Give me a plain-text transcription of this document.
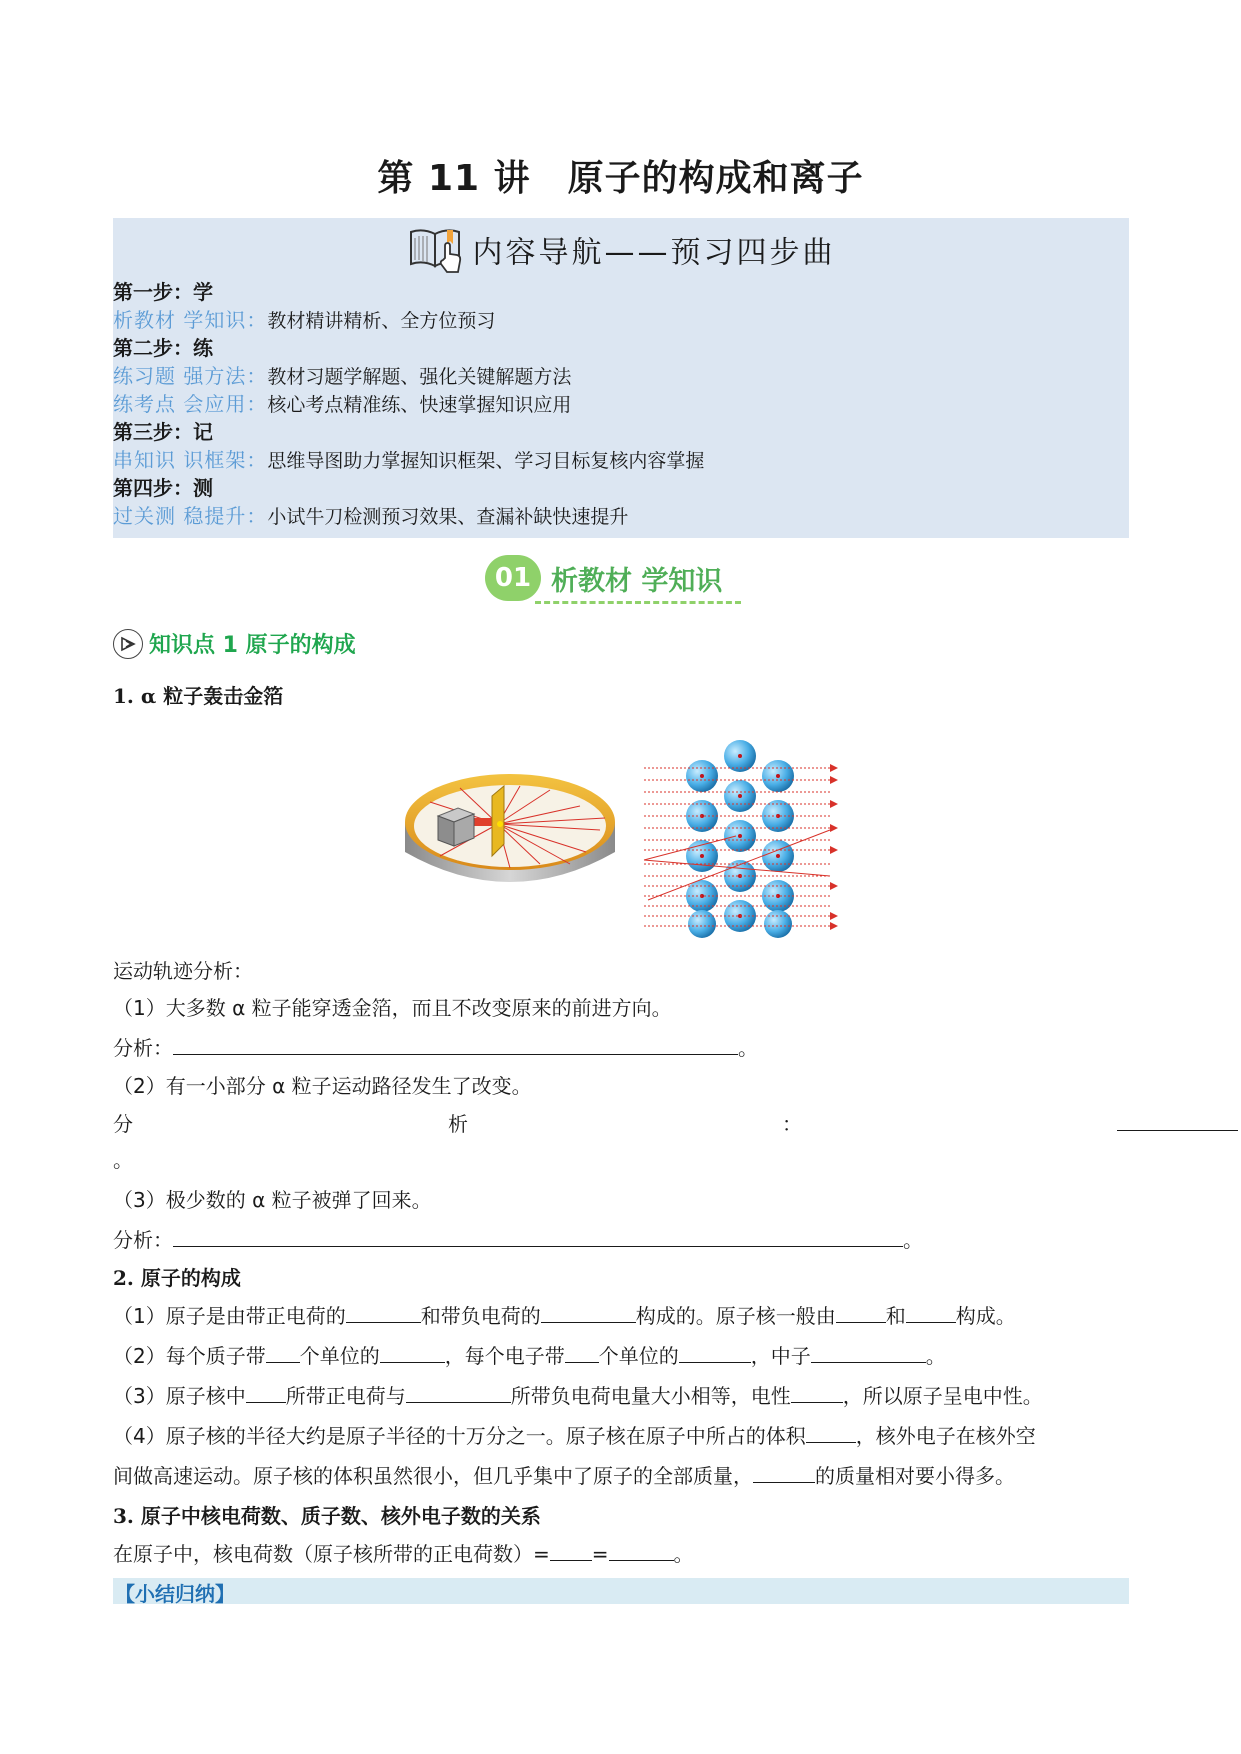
第 11 讲　原子的构成和离子
内容导航——预习四步曲
第一步：学
析教材 学知识：教材精讲精析、全方位预习
第二步：练
练习题 强方法：教材习题学解题、强化关键解题方法
练考点 会应用：核心考点精准练、快速掌握知识应用
第三步：记
串知识 识框架：思维导图助力掌握知识框架、学习目标复核内容掌握
第四步：测
过关测 稳提升：小试牛刀检测预习效果、查漏补缺快速提升
01 析教材 学知识
知识点 1 原子的构成
1. α 粒子轰击金箔
运动轨迹分析：
（1）大多数 α 粒子能穿透金箔，而且不改变原来的前进方向。
分析：	。
（2）有一小部分 α 粒子运动路径发生了改变。
分	析	：
。
（3）极少数的 α 粒子被弹了回来。
分析：	。
2. 原子的构成
（1）原子是由带正电荷的	和带负电荷的	构成的。原子核一般由	和	构成。
（2）每个质子带 个单位的	，每个电子带 个单位的	，中子	。
（3）原子核中 所带正电荷与	所带负电荷电量大小相等，电性	，所以原子呈电中性。
（4）原子核的半径大约是原子半径的十万分之一。原子核在原子中所占的体积	，核外电子在核外空
间做高速运动。原子核的体积虽然很小，但几乎集中了原子的全部质量，	的质量相对要小得多。
3. 原子中核电荷数、质子数、核外电子数的关系
在原子中，核电荷数（原子核所带的正电荷数）= =	。
【小结归纳】
